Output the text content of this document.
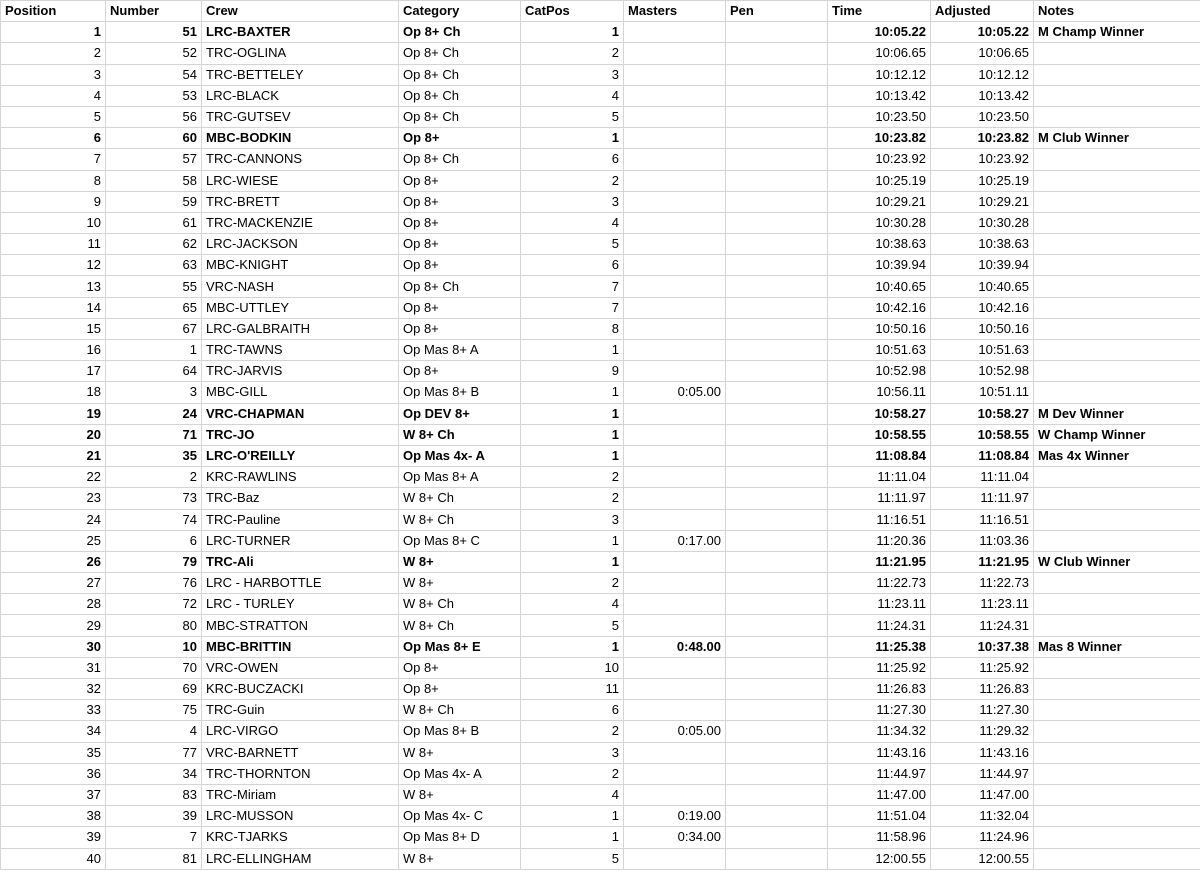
Position	Number	Crew	Category	CatPos	Masters	Pen	Time	Adjusted	Notes
1	51	LRC-BAXTER	Op 8+ Ch	1			10:05.22	10:05.22	M Champ Winner
2	52	TRC-OGLINA	Op 8+ Ch	2			10:06.65	10:06.65	
3	54	TRC-BETTELEY	Op 8+ Ch	3			10:12.12	10:12.12	
4	53	LRC-BLACK	Op 8+ Ch	4			10:13.42	10:13.42	
5	56	TRC-GUTSEV	Op 8+ Ch	5			10:23.50	10:23.50	
6	60	MBC-BODKIN	Op 8+	1			10:23.82	10:23.82	M Club Winner
7	57	TRC-CANNONS	Op 8+ Ch	6			10:23.92	10:23.92	
8	58	LRC-WIESE	Op 8+	2			10:25.19	10:25.19	
9	59	TRC-BRETT	Op 8+	3			10:29.21	10:29.21	
10	61	TRC-MACKENZIE	Op 8+	4			10:30.28	10:30.28	
11	62	LRC-JACKSON	Op 8+	5			10:38.63	10:38.63	
12	63	MBC-KNIGHT	Op 8+	6			10:39.94	10:39.94	
13	55	VRC-NASH	Op 8+ Ch	7			10:40.65	10:40.65	
14	65	MBC-UTTLEY	Op 8+	7			10:42.16	10:42.16	
15	67	LRC-GALBRAITH	Op 8+	8			10:50.16	10:50.16	
16	1	TRC-TAWNS	Op Mas 8+ A	1			10:51.63	10:51.63	
17	64	TRC-JARVIS	Op 8+	9			10:52.98	10:52.98	
18	3	MBC-GILL	Op Mas 8+ B	1	0:05.00		10:56.11	10:51.11	
19	24	VRC-CHAPMAN	Op DEV 8+	1			10:58.27	10:58.27	M Dev Winner
20	71	TRC-JO	W 8+ Ch	1			10:58.55	10:58.55	W Champ Winner
21	35	LRC-O'REILLY	Op Mas 4x- A	1			11:08.84	11:08.84	Mas 4x Winner
22	2	KRC-RAWLINS	Op Mas 8+ A	2			11:11.04	11:11.04	
23	73	TRC-Baz	W 8+ Ch	2			11:11.97	11:11.97	
24	74	TRC-Pauline	W 8+ Ch	3			11:16.51	11:16.51	
25	6	LRC-TURNER	Op Mas 8+ C	1	0:17.00		11:20.36	11:03.36	
26	79	TRC-Ali	W 8+	1			11:21.95	11:21.95	W Club Winner
27	76	LRC - HARBOTTLE	W 8+	2			11:22.73	11:22.73	
28	72	LRC - TURLEY	W 8+ Ch	4			11:23.11	11:23.11	
29	80	MBC-STRATTON	W 8+ Ch	5			11:24.31	11:24.31	
30	10	MBC-BRITTIN	Op Mas 8+ E	1	0:48.00		11:25.38	10:37.38	Mas 8 Winner
31	70	VRC-OWEN	Op 8+	10			11:25.92	11:25.92	
32	69	KRC-BUCZACKI	Op 8+	11			11:26.83	11:26.83	
33	75	TRC-Guin	W 8+ Ch	6			11:27.30	11:27.30	
34	4	LRC-VIRGO	Op Mas 8+ B	2	0:05.00		11:34.32	11:29.32	
35	77	VRC-BARNETT	W 8+	3			11:43.16	11:43.16	
36	34	TRC-THORNTON	Op Mas 4x- A	2			11:44.97	11:44.97	
37	83	TRC-Miriam	W 8+	4			11:47.00	11:47.00	
38	39	LRC-MUSSON	Op Mas 4x- C	1	0:19.00		11:51.04	11:32.04	
39	7	KRC-TJARKS	Op Mas 8+ D	1	0:34.00		11:58.96	11:24.96	
40	81	LRC-ELLINGHAM	W 8+	5			12:00.55	12:00.55	
